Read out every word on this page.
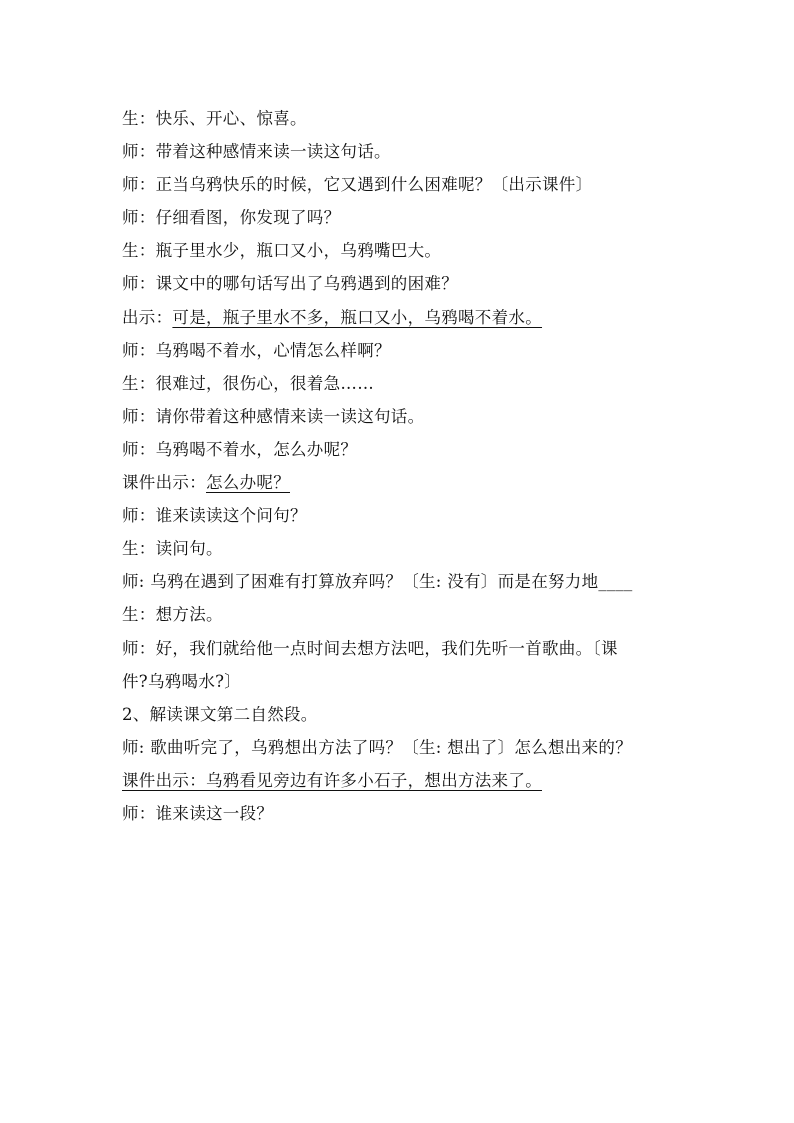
生：快乐、开心、惊喜。
师：带着这种感情来读一读这句话。
师：正当乌鸦快乐的时候，它又遇到什么困难呢？〔出示课件〕
师：仔细看图，你发现了吗？
生：瓶子里水少，瓶口又小，乌鸦嘴巴大。
师：课文中的哪句话写出了乌鸦遇到的困难？
出示：可是，瓶子里水不多，瓶口又小，乌鸦喝不着水。
师：乌鸦喝不着水，心情怎么样啊？
生：很难过，很伤心，很着急……
师：请你带着这种感情来读一读这句话。
师：乌鸦喝不着水，怎么办呢？
课件出示：怎么办呢？
师：谁来读读这个问句？
生：读问句。
师: 乌鸦在遇到了困难有打算放弃吗？〔生: 没有〕而是在努力地____
生：想方法。
师：好，我们就给他一点时间去想方法吧，我们先听一首歌曲。〔课
件?乌鸦喝水?〕
2、解读课文第二自然段。
师: 歌曲听完了，乌鸦想出方法了吗？〔生: 想出了〕怎么想出来的？
课件出示：乌鸦看见旁边有许多小石子，想出方法来了。
师：谁来读这一段？
